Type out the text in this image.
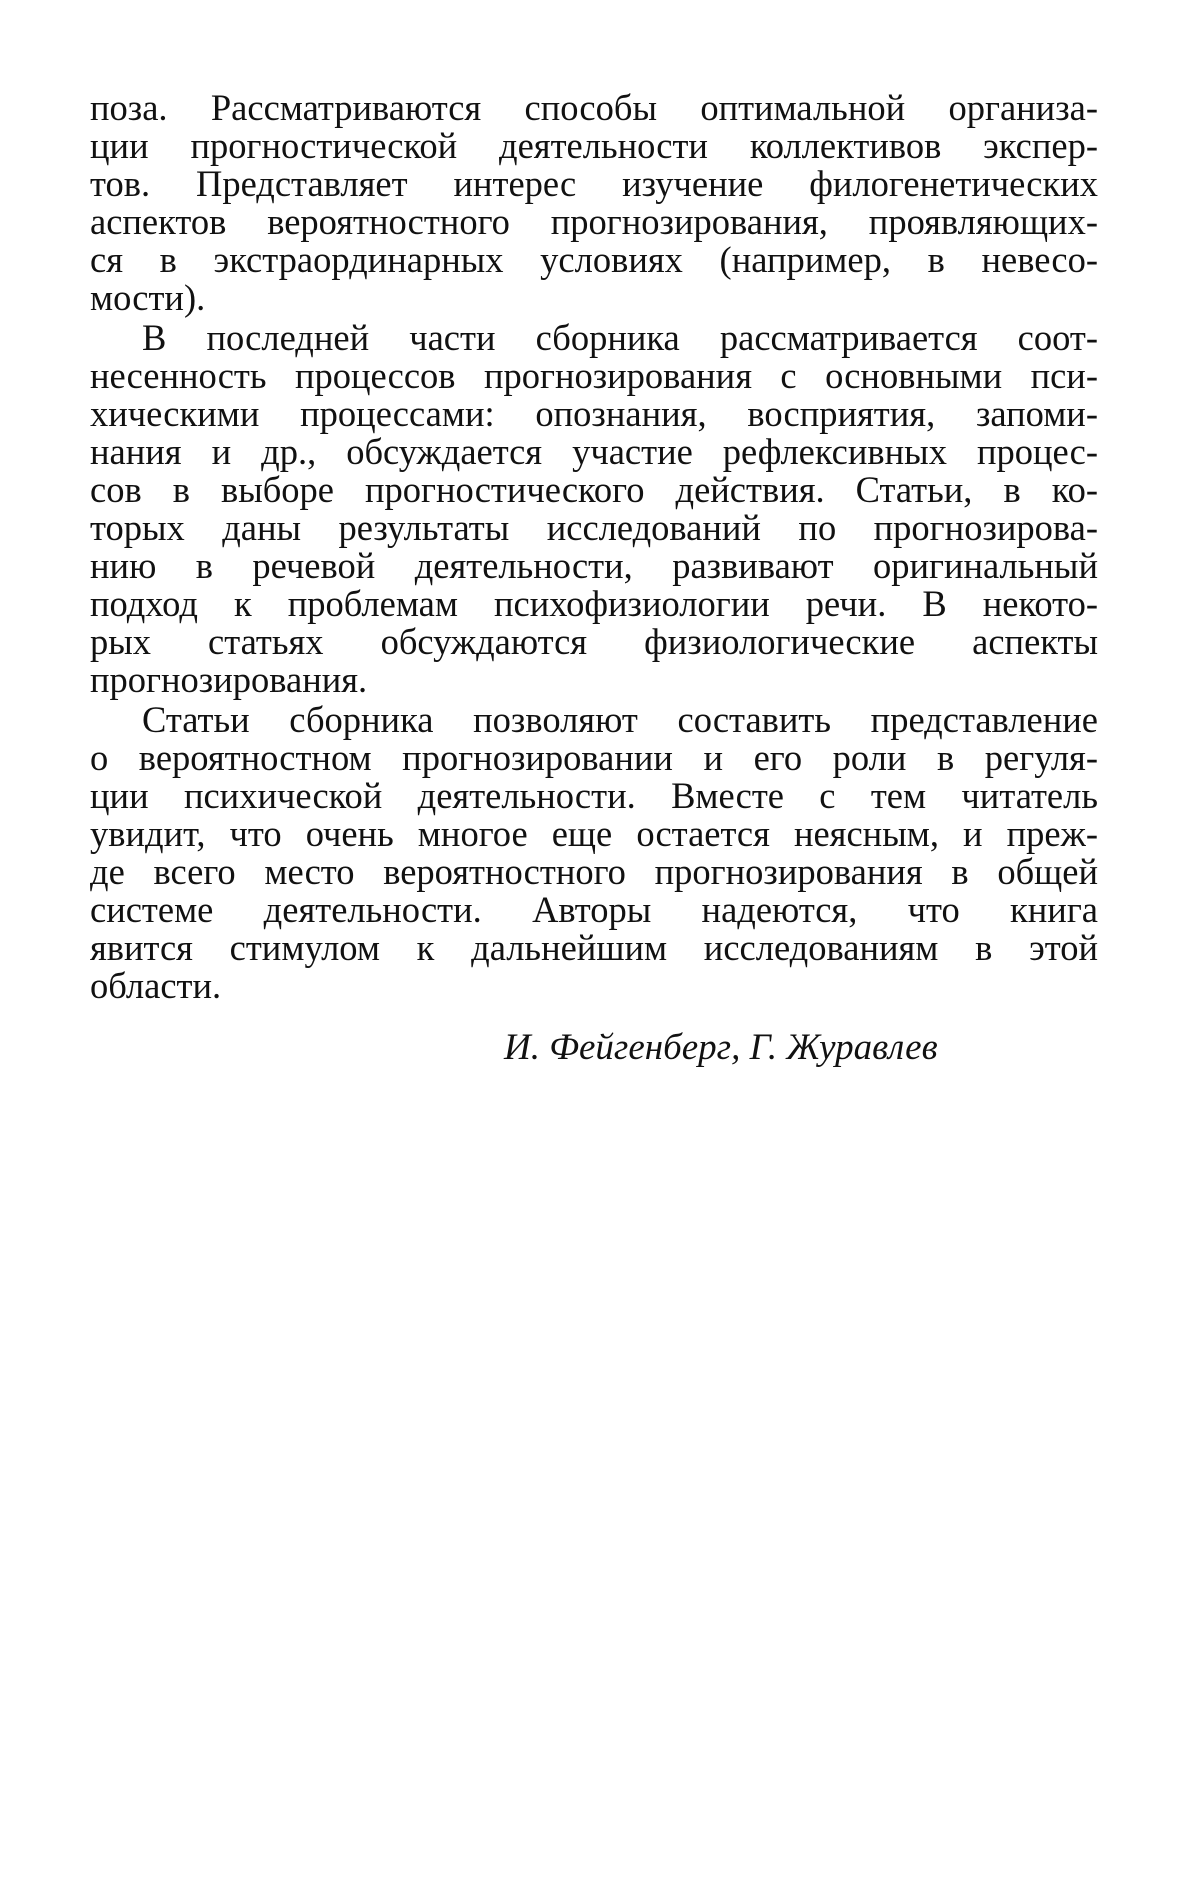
поза. Рассматриваются способы оптимальной организа-
ции прогностической деятельности коллективов экспер-
тов. Представляет интерес изучение филогенетических
аспектов вероятностного прогнозирования, проявляющих-
ся в экстраординарных условиях (например, в невесо-
мости).
В последней части сборника рассматривается соот-
несенность процессов прогнозирования с основными пси-
хическими процессами: опознания, восприятия, запоми-
нания и др., обсуждается участие рефлексивных процес-
сов в выборе прогностического действия. Статьи, в ко-
торых даны результаты исследований по прогнозирова-
нию в речевой деятельности, развивают оригинальный
подход к проблемам психофизиологии речи. В некото-
рых статьях обсуждаются физиологические аспекты
прогнозирования.
Статьи сборника позволяют составить представление
о вероятностном прогнозировании и его роли в регуля-
ции психической деятельности. Вместе с тем читатель
увидит, что очень многое еще остается неясным, и преж-
де всего место вероятностного прогнозирования в общей
системе деятельности. Авторы надеются, что книга
явится стимулом к дальнейшим исследованиям в этой
области.
И. Фейгенберг, Г. Журавлев
